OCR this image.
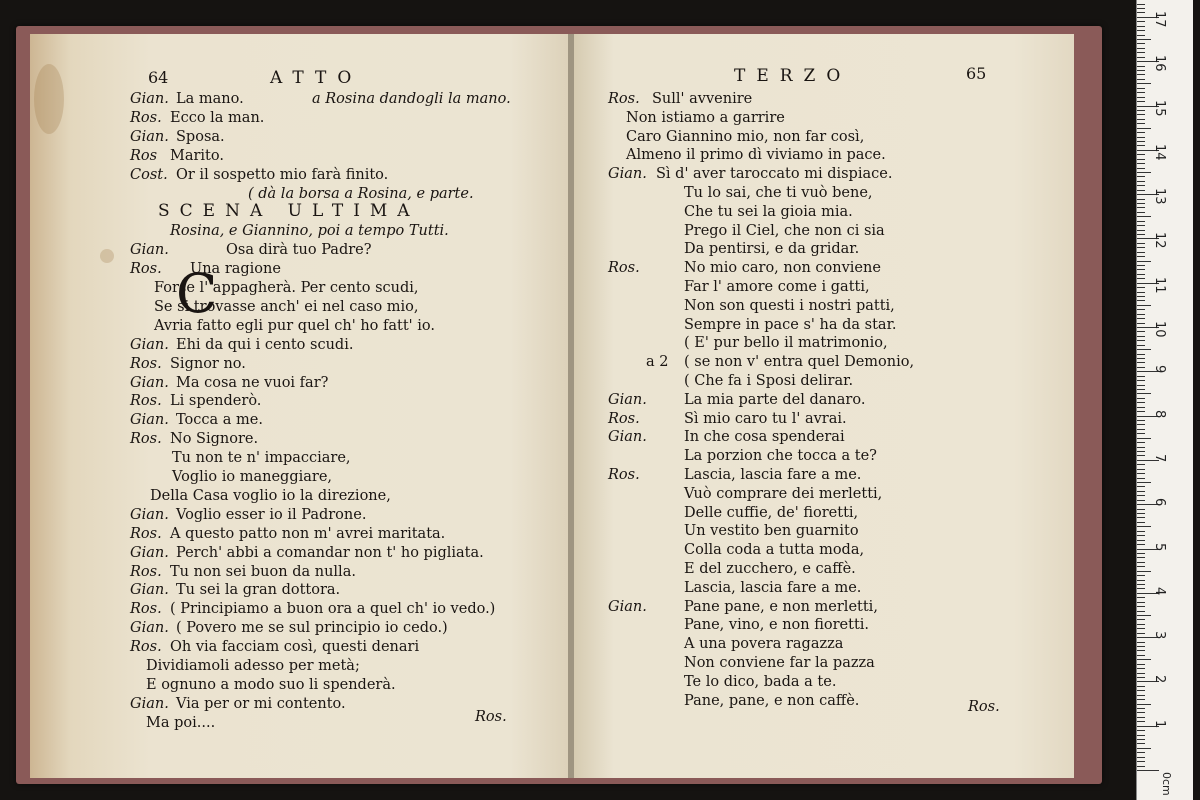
64	ATTO
Gian. La mano.	a Rosina dandogli la mano.
Ros. Ecco la man.
Gian. Sposa.
Ros Marito.
Cost. Or il sospetto mio farà finito.
( dà la borsa a Rosina, e parte.
SCENA ULTIMA
Rosina, e Giannino, poi a tempo Tutti.
Gian.	Osa dirà tuo Padre?
Ros. Una ragione
Forse l' appagherà. Per cento scudi,
Se si trovasse anch' ei nel caso mio,
Avria fatto egli pur quel ch' ho fatt' io.
Gian. Ehi da qui i cento scudi.
Ros. Signor no.
Gian. Ma cosa ne vuoi far?
Ros. Li spenderò.
Gian. Tocca a me.
Ros. No Signore.
Tu non te n' impacciare,
Voglio io maneggiare,
Della Casa voglio io la direzione,
Gian. Voglio esser io il Padrone.
Ros. A questo patto non m' avrei maritata.
Gian. Perch' abbi a comandar non t' ho pigliata.
Ros. Tu non sei buon da nulla.
Gian. Tu sei la gran dottora.
Ros. ( Principiamo a buon ora a quel ch' io vedo.)
Gian. ( Povero me se sul principio io cedo.)
Ros. Oh via facciam così, questi denari
Dividiamoli adesso per metà;
E ognuno a modo suo li spenderà.
Gian. Via per or mi contento.
Ma poi....
C
Ros.
TERZO	65
Ros. Sull' avvenire
Non istiamo a garrire
Caro Giannino mio, non far così,
Almeno il primo dì viviamo in pace.
Gian. Sì d' aver taroccato mi dispiace.
Tu lo sai, che ti vuò bene,
Che tu sei la gioia mia.
Prego il Ciel, che non ci sia
Da pentirsi, e da gridar.
Ros.	No mio caro, non conviene
Far l' amore come i gatti,
Non son questi i nostri patti,
Sempre in pace s' ha da star.
( E' pur bello il matrimonio,
a 2 ( se non v' entra quel Demonio,
( Che fa i Sposi delirar.
Gian.	La mia parte del danaro.
Ros.	Sì mio caro tu l' avrai.
Gian.	In che cosa spenderai
La porzion che tocca a te?
Ros.	Lascia, lascia fare a me.
Vuò comprare dei merletti,
Delle cuffie, de' fioretti,
Un vestito ben guarnito
Colla coda a tutta moda,
E del zucchero, e caffè.
Lascia, lascia fare a me.
Gian.	Pane pane, e non merletti,
Pane, vino, e non fioretti.
A una povera ragazza
Non conviene far la pazza
Te lo dico, bada a te.
Pane, pane, e non caffè.	Ros.
0cm
1
2
3
4
5
6
7
8
9
10
11
12
13
14
15
16
17
